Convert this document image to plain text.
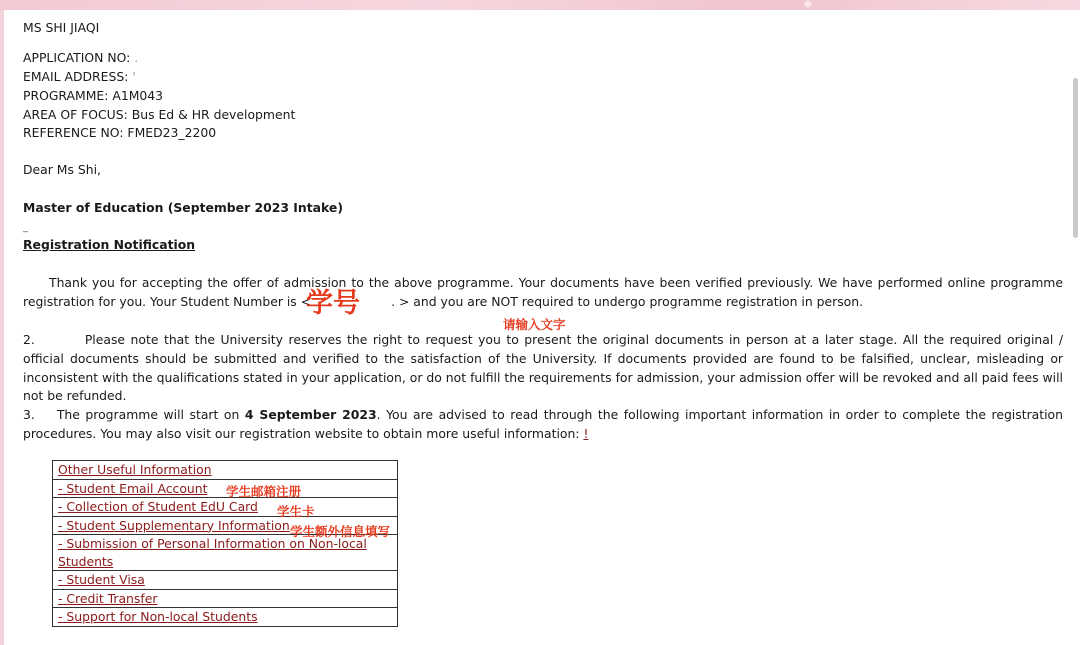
MS SHI JIAQI
APPLICATION NO: .
EMAIL ADDRESS: '
PROGRAMME: A1M043
AREA OF FOCUS: Bus Ed & HR development
REFERENCE NO: FMED23_2200
Dear Ms Shi,
Master of Education (September 2023 Intake)
_
Registration Notification
Thank you for accepting the offer of admission to the above programme. Your documents have been verified previously. We have performed online programme registration for you. Your Student Number is <	. > and you are NOT required to undergo programme registration in person.
学号
请输入文字
2.	Please note that the University reserves the right to request you to present the original documents in person at a later stage. All the required original / official documents should be submitted and verified to the satisfaction of the University. If documents provided are found to be falsified, unclear, misleading or inconsistent with the qualifications stated in your application, or do not fulfill the requirements for admission, your admission offer will be revoked and all paid fees will not be refunded.
3. The programme will start on 4 September 2023. You are advised to read through the following important information in order to complete the registration procedures. You may also visit our registration website to obtain more useful information: !
Other Useful Information
- Student Email Account
- Collection of Student EdU Card
- Student Supplementary Information
- Submission of Personal Information on Non-local Students
- Student Visa
- Credit Transfer
- Support for Non-local Students
学生邮箱注册
学生卡
学生额外信息填写
